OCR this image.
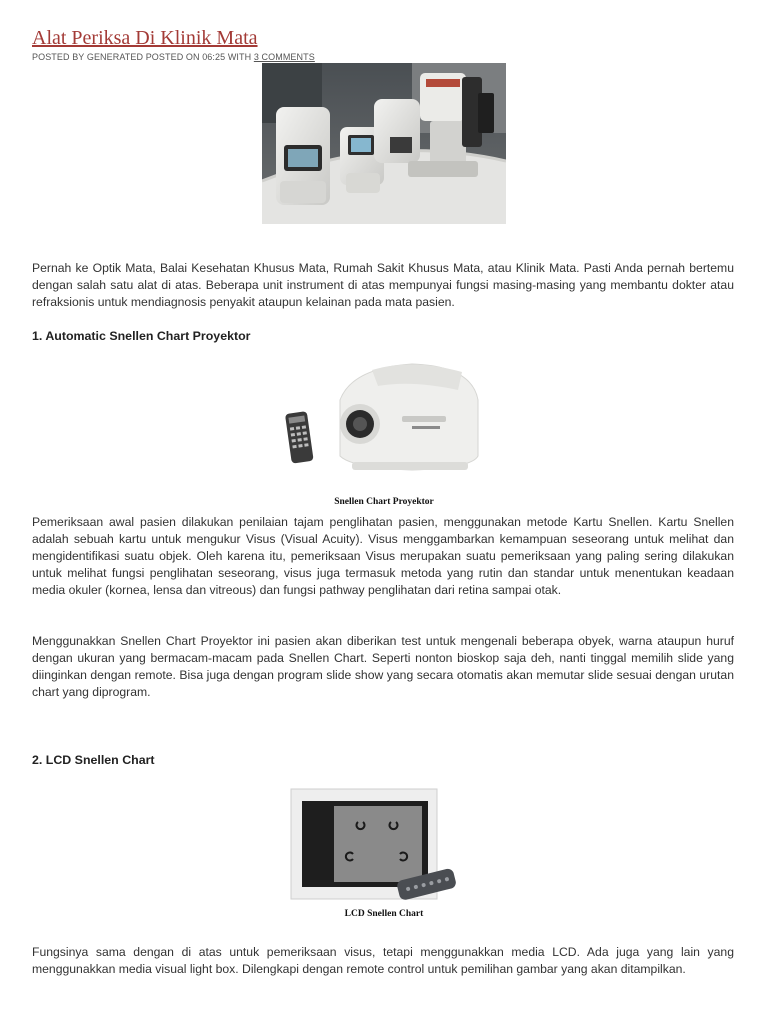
Alat Periksa Di Klinik Mata
POSTED BY GENERATED POSTED ON 06:25 WITH 3 COMMENTS

Pernah ke Optik Mata, Balai Kesehatan Khusus Mata, Rumah Sakit Khusus Mata, atau Klinik Mata. Pasti Anda pernah bertemu dengan salah satu alat di atas. Beberapa unit instrument di atas mempunyai fungsi masing-masing yang membantu dokter atau refraksionis untuk mendiagnosis penyakit ataupun kelainan pada mata pasien.

1. Automatic Snellen Chart Proyektor
Snellen Chart Proyektor

Pemeriksaan awal pasien dilakukan penilaian tajam penglihatan pasien, menggunakan metode Kartu Snellen. Kartu Snellen adalah sebuah kartu untuk mengukur Visus (Visual Acuity). Visus menggambarkan kemampuan seseorang untuk melihat dan mengidentifikasi suatu objek. Oleh karena itu, pemeriksaan Visus merupakan suatu pemeriksaan yang paling sering dilakukan untuk melihat fungsi penglihatan seseorang, visus juga termasuk metoda yang rutin dan standar untuk menentukan keadaan media okuler (kornea, lensa dan vitreous) dan fungsi pathway penglihatan dari retina sampai otak.

Menggunakkan Snellen Chart Proyektor ini pasien akan diberikan test untuk mengenali beberapa obyek, warna ataupun huruf dengan ukuran yang bermacam-macam pada Snellen Chart. Seperti nonton bioskop saja deh, nanti tinggal memilih slide yang diinginkan dengan remote. Bisa juga dengan program slide show yang secara otomatis akan memutar slide sesuai dengan urutan chart yang diprogram.

2. LCD Snellen Chart
LCD Snellen Chart

Fungsinya sama dengan di atas untuk pemeriksaan visus, tetapi menggunakkan media LCD. Ada juga yang lain yang menggunakkan media visual light box. Dilengkapi dengan remote control untuk pemilihan gambar yang akan ditampilkan.
